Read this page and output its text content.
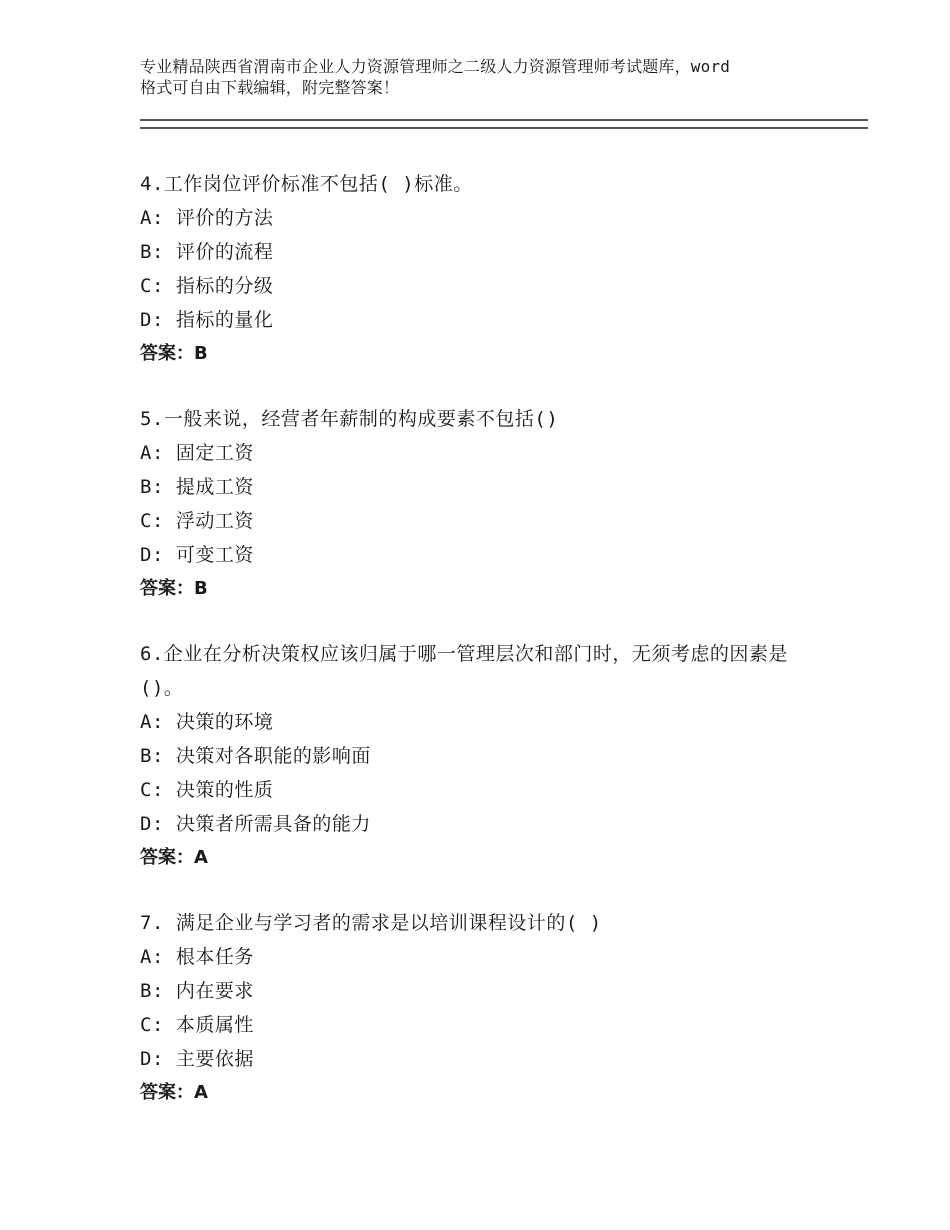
专业精品陕西省渭南市企业人力资源管理师之二级人力资源管理师考试题库，word
格式可自由下载编辑，附完整答案！
4.工作岗位评价标准不包括( )标准。
A: 评价的方法
B: 评价的流程
C: 指标的分级
D: 指标的量化
答案：B
5.一般来说，经营者年薪制的构成要素不包括()
A: 固定工资
B: 提成工资
C: 浮动工资
D: 可变工资
答案：B
6.企业在分析决策权应该归属于哪一管理层次和部门时，无须考虑的因素是()。
A: 决策的环境
B: 决策对各职能的影响面
C: 决策的性质
D: 决策者所需具备的能力
答案：A
7. 满足企业与学习者的需求是以培训课程设计的( )
A: 根本任务
B: 内在要求
C: 本质属性
D: 主要依据
答案：A
